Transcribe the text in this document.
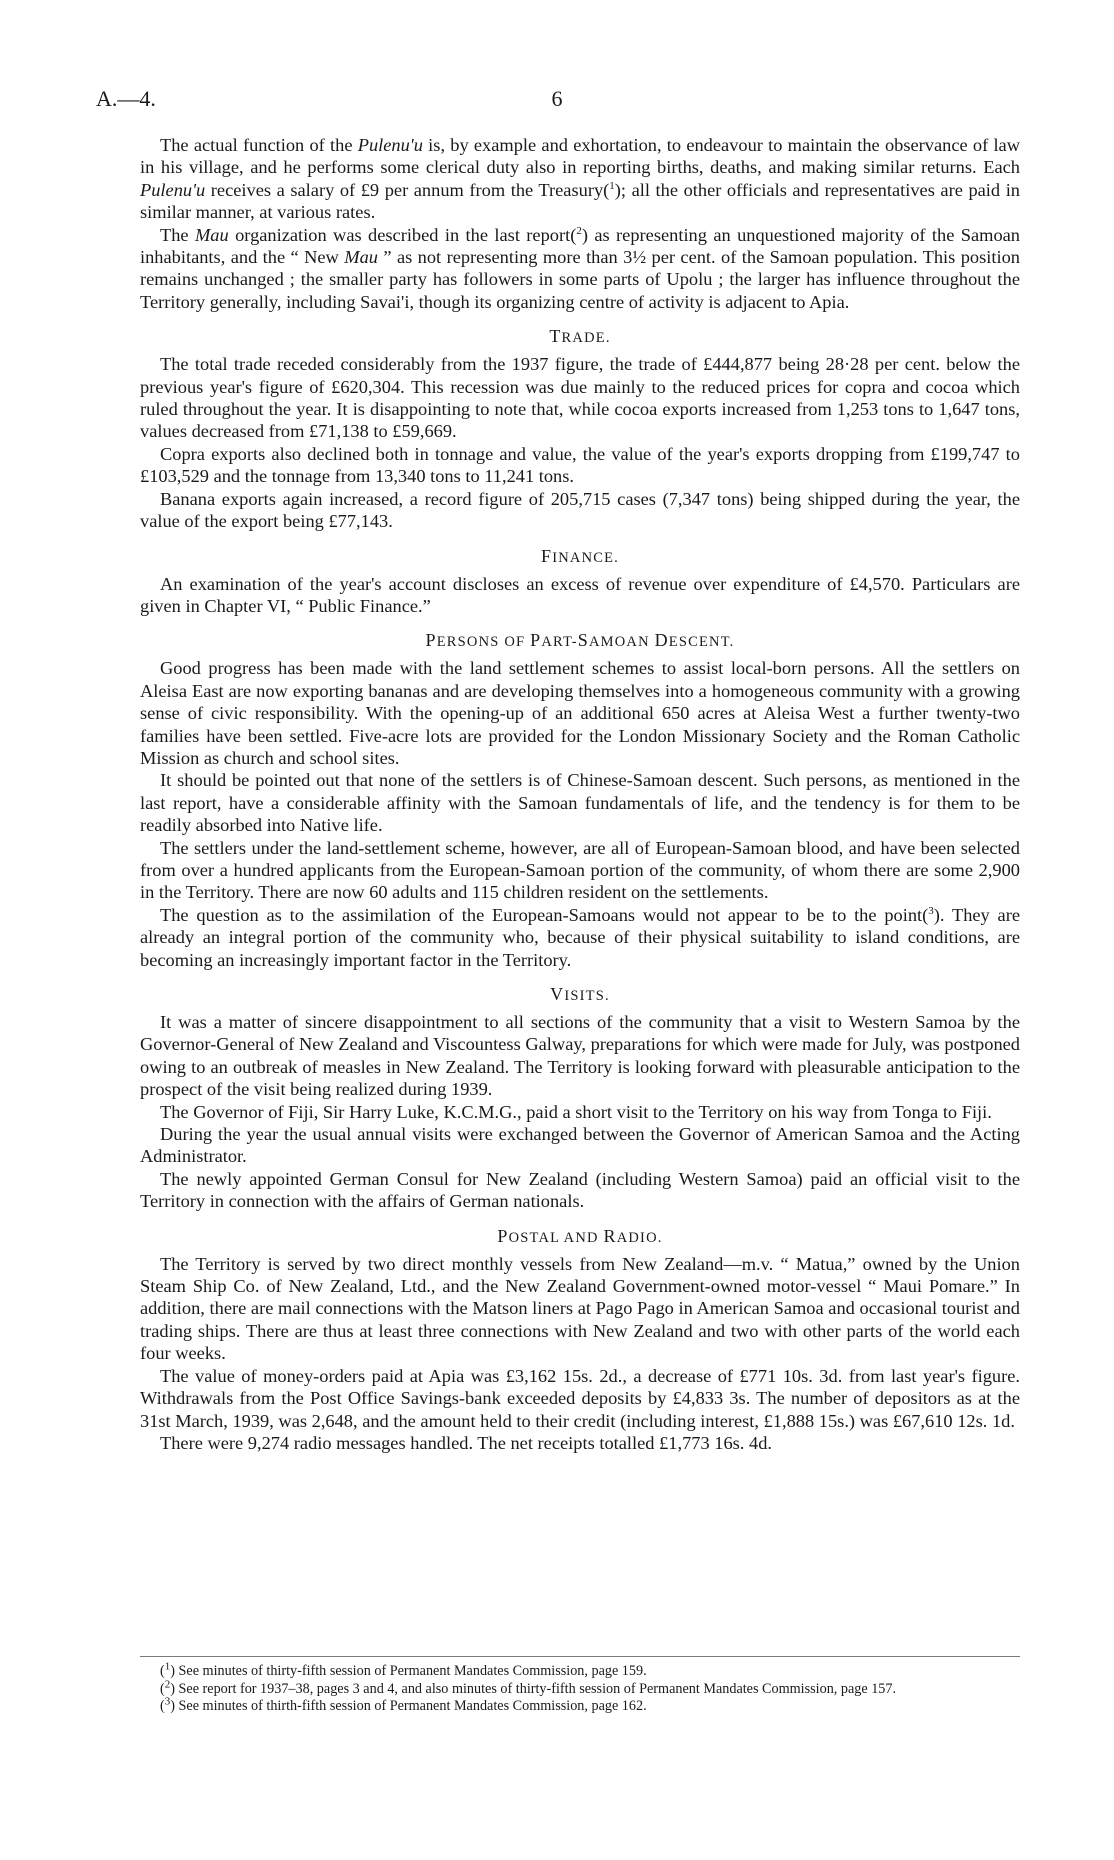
A.—4.	6

The actual function of the Pulenu'u is, by example and exhortation, to endeavour to maintain the observance of law in his village, and he performs some clerical duty also in reporting births, deaths, and making similar returns. Each Pulenu'u receives a salary of £9 per annum from the Treasury($^1$); all the other officials and representatives are paid in similar manner, at various rates.

The Mau organization was described in the last report($^2$) as representing an unquestioned majority of the Samoan inhabitants, and the “ New Mau ” as not representing more than 3½ per cent. of the Samoan population. This position remains unchanged ; the smaller party has followers in some parts of Upolu ; the larger has influence throughout the Territory generally, including Savai'i, though its organizing centre of activity is adjacent to Apia.

TRADE.

The total trade receded considerably from the 1937 figure, the trade of £444,877 being 28·28 per cent. below the previous year's figure of £620,304. This recession was due mainly to the reduced prices for copra and cocoa which ruled throughout the year. It is disappointing to note that, while cocoa exports increased from 1,253 tons to 1,647 tons, values decreased from £71,138 to £59,669.

Copra exports also declined both in tonnage and value, the value of the year's exports dropping from £199,747 to £103,529 and the tonnage from 13,340 tons to 11,241 tons.

Banana exports again increased, a record figure of 205,715 cases (7,347 tons) being shipped during the year, the value of the export being £77,143.

FINANCE.

An examination of the year's account discloses an excess of revenue over expenditure of £4,570. Particulars are given in Chapter VI, “ Public Finance.”

PERSONS OF PART-SAMOAN DESCENT.

Good progress has been made with the land settlement schemes to assist local-born persons. All the settlers on Aleisa East are now exporting bananas and are developing themselves into a homogeneous community with a growing sense of civic responsibility. With the opening-up of an additional 650 acres at Aleisa West a further twenty-two families have been settled. Five-acre lots are provided for the London Missionary Society and the Roman Catholic Mission as church and school sites.

It should be pointed out that none of the settlers is of Chinese-Samoan descent. Such persons, as mentioned in the last report, have a considerable affinity with the Samoan fundamentals of life, and the tendency is for them to be readily absorbed into Native life.

The settlers under the land-settlement scheme, however, are all of European-Samoan blood, and have been selected from over a hundred applicants from the European-Samoan portion of the community, of whom there are some 2,900 in the Territory. There are now 60 adults and 115 children resident on the settlements.

The question as to the assimilation of the European-Samoans would not appear to be to the point($^3$). They are already an integral portion of the community who, because of their physical suitability to island conditions, are becoming an increasingly important factor in the Territory.

VISITS.

It was a matter of sincere disappointment to all sections of the community that a visit to Western Samoa by the Governor-General of New Zealand and Viscountess Galway, preparations for which were made for July, was postponed owing to an outbreak of measles in New Zealand. The Territory is looking forward with pleasurable anticipation to the prospect of the visit being realized during 1939.

The Governor of Fiji, Sir Harry Luke, K.C.M.G., paid a short visit to the Territory on his way from Tonga to Fiji.

During the year the usual annual visits were exchanged between the Governor of American Samoa and the Acting Administrator.

The newly appointed German Consul for New Zealand (including Western Samoa) paid an official visit to the Territory in connection with the affairs of German nationals.

POSTAL AND RADIO.

The Territory is served by two direct monthly vessels from New Zealand—m.v. “ Matua,” owned by the Union Steam Ship Co. of New Zealand, Ltd., and the New Zealand Government-owned motor-vessel “ Maui Pomare.” In addition, there are mail connections with the Matson liners at Pago Pago in American Samoa and occasional tourist and trading ships. There are thus at least three connections with New Zealand and two with other parts of the world each four weeks.

The value of money-orders paid at Apia was £3,162 15s. 2d., a decrease of £771 10s. 3d. from last year's figure. Withdrawals from the Post Office Savings-bank exceeded deposits by £4,833 3s. The number of depositors as at the 31st March, 1939, was 2,648, and the amount held to their credit (including interest, £1,888 15s.) was £67,610 12s. 1d.

There were 9,274 radio messages handled. The net receipts totalled £1,773 16s. 4d.

($^1$) See minutes of thirty-fifth session of Permanent Mandates Commission, page 159.

($^2$) See report for 1937–38, pages 3 and 4, and also minutes of thirty-fifth session of Permanent Mandates Commission, page 157.

($^3$) See minutes of thirth-fifth session of Permanent Mandates Commission, page 162.
